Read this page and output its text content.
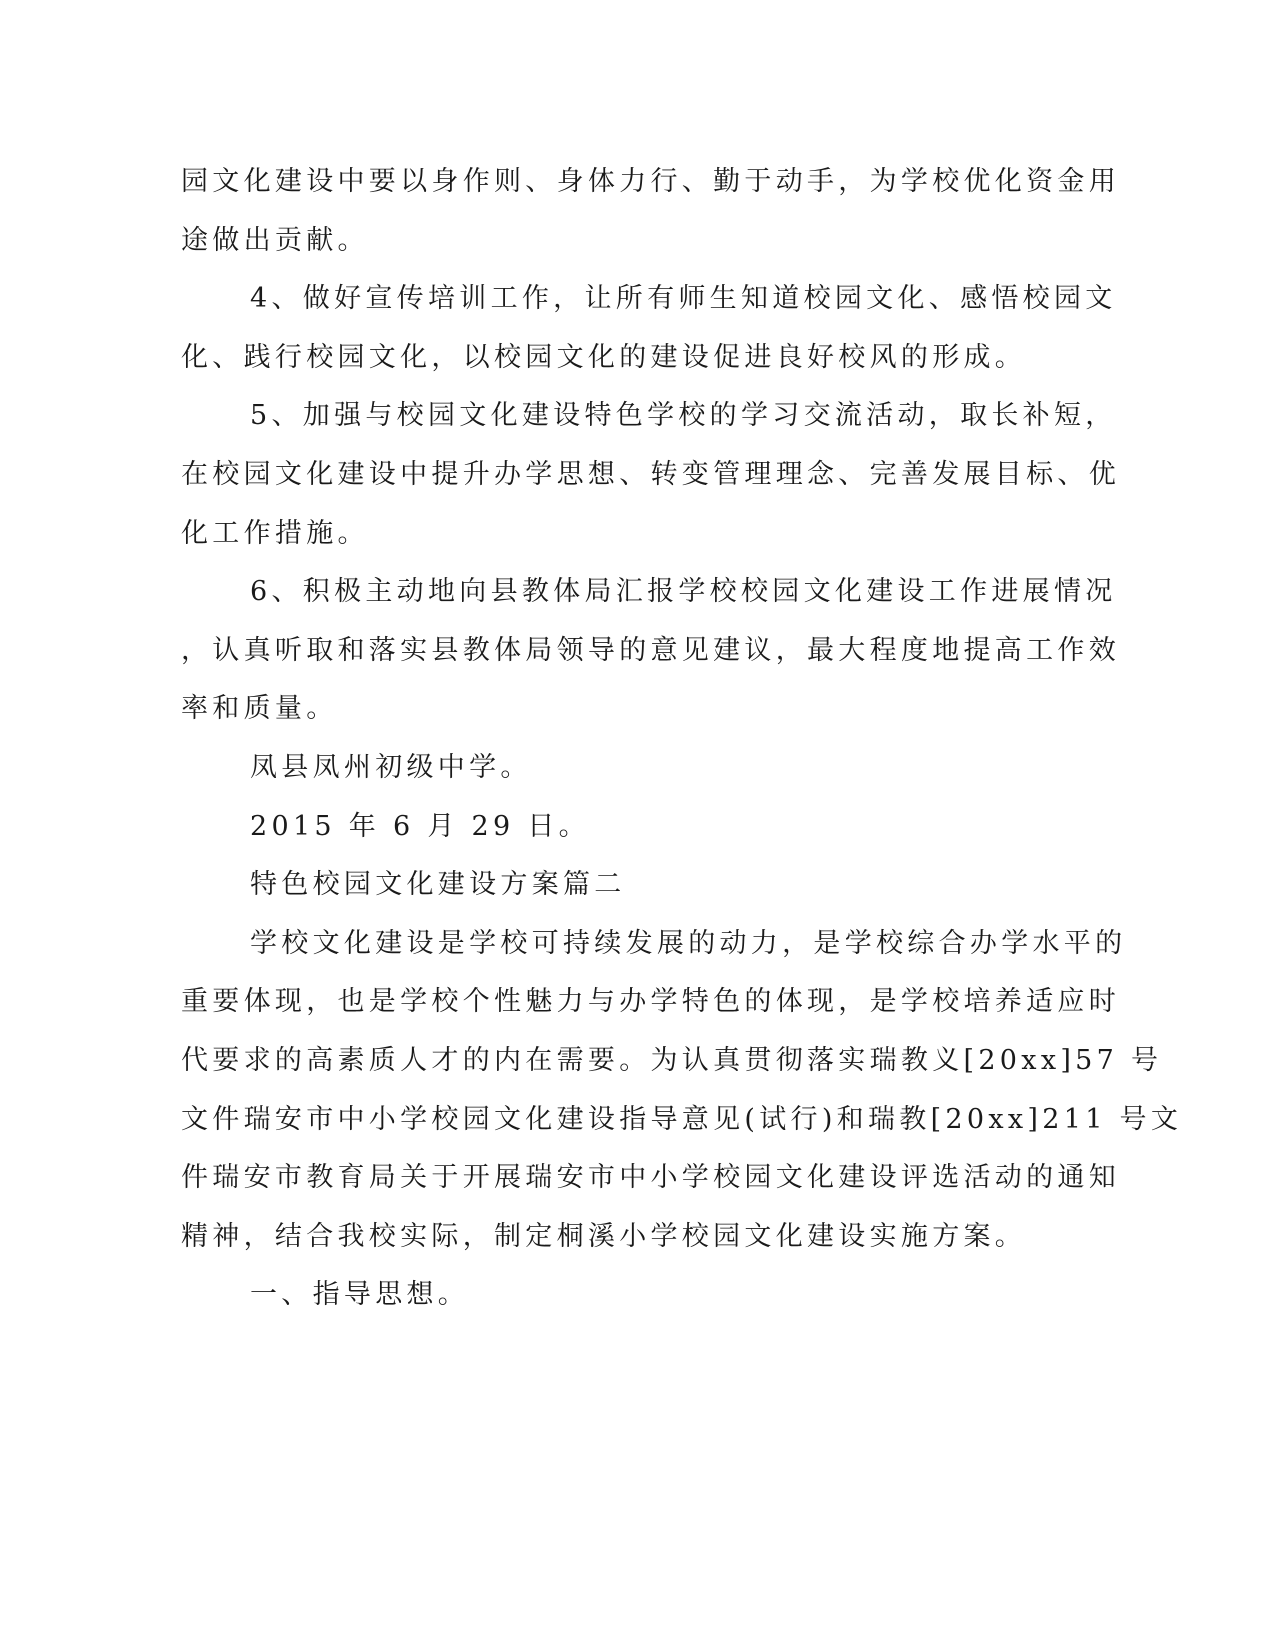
园文化建设中要以身作则、身体力行、勤于动手，为学校优化资金用
途做出贡献。
4、做好宣传培训工作，让所有师生知道校园文化、感悟校园文
化、践行校园文化，以校园文化的建设促进良好校风的形成。
5、加强与校园文化建设特色学校的学习交流活动，取长补短，
在校园文化建设中提升办学思想、转变管理理念、完善发展目标、优
化工作措施。
6、积极主动地向县教体局汇报学校校园文化建设工作进展情况
，认真听取和落实县教体局领导的意见建议，最大程度地提高工作效
率和质量。
凤县凤州初级中学。
2015 年 6 月 29 日。
特色校园文化建设方案篇二
学校文化建设是学校可持续发展的动力，是学校综合办学水平的
重要体现，也是学校个性魅力与办学特色的体现，是学校培养适应时
代要求的高素质人才的内在需要。为认真贯彻落实瑞教义[20xx]57 号
文件瑞安市中小学校园文化建设指导意见(试行)和瑞教[20xx]211 号文
件瑞安市教育局关于开展瑞安市中小学校园文化建设评选活动的通知
精神，结合我校实际，制定桐溪小学校园文化建设实施方案。
一、指导思想。
